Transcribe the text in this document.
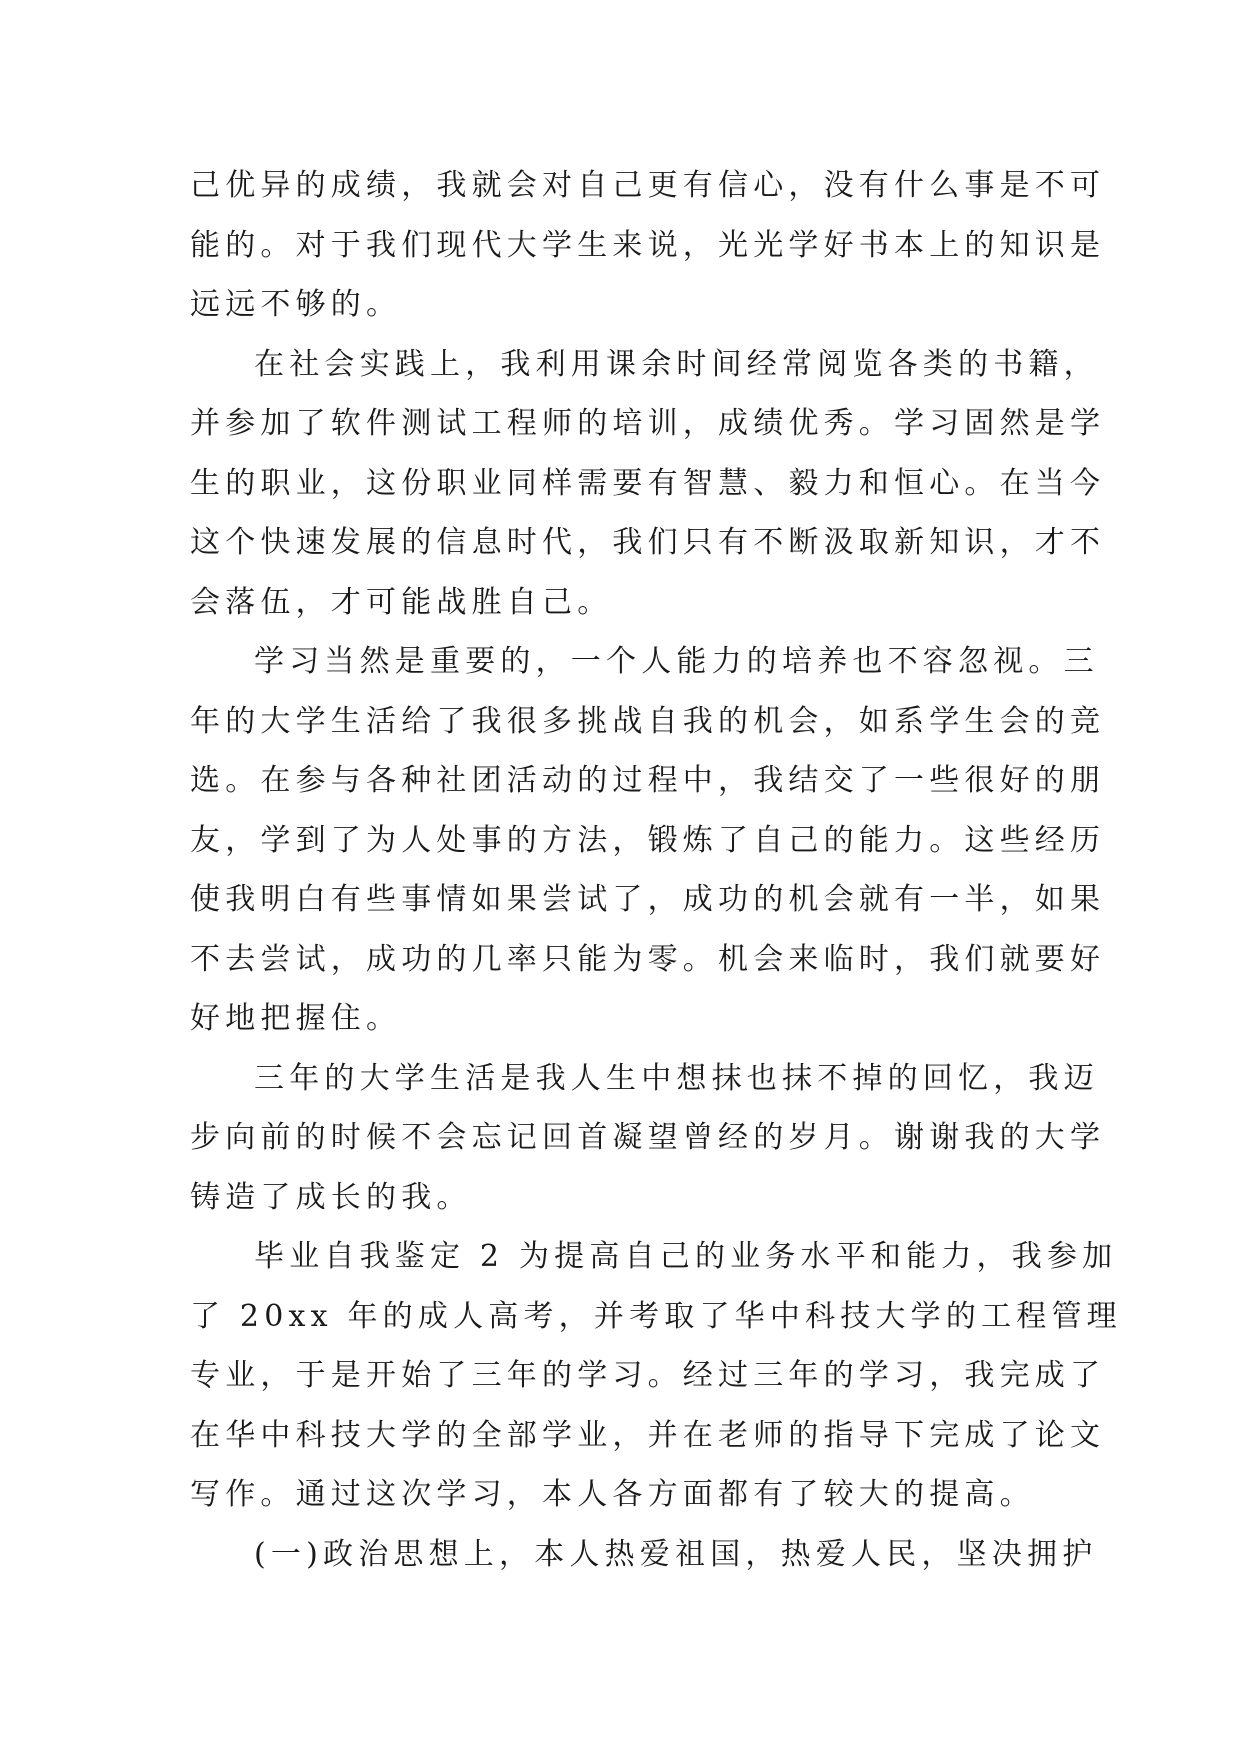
己优异的成绩，我就会对自己更有信心，没有什么事是不可
能的。对于我们现代大学生来说，光光学好书本上的知识是
远远不够的。
在社会实践上，我利用课余时间经常阅览各类的书籍，
并参加了软件测试工程师的培训，成绩优秀。学习固然是学
生的职业，这份职业同样需要有智慧、毅力和恒心。在当今
这个快速发展的信息时代，我们只有不断汲取新知识，才不
会落伍，才可能战胜自己。
学习当然是重要的，一个人能力的培养也不容忽视。三
年的大学生活给了我很多挑战自我的机会，如系学生会的竞
选。在参与各种社团活动的过程中，我结交了一些很好的朋
友，学到了为人处事的方法，锻炼了自己的能力。这些经历
使我明白有些事情如果尝试了，成功的机会就有一半，如果
不去尝试，成功的几率只能为零。机会来临时，我们就要好
好地把握住。
三年的大学生活是我人生中想抹也抹不掉的回忆，我迈
步向前的时候不会忘记回首凝望曾经的岁月。谢谢我的大学
铸造了成长的我。
毕业自我鉴定 2 为提高自己的业务水平和能力，我参加
了 20xx 年的成人高考，并考取了华中科技大学的工程管理
专业，于是开始了三年的学习。经过三年的学习，我完成了
在华中科技大学的全部学业，并在老师的指导下完成了论文
写作。通过这次学习，本人各方面都有了较大的提高。
(一)政治思想上，本人热爱祖国，热爱人民，坚决拥护
